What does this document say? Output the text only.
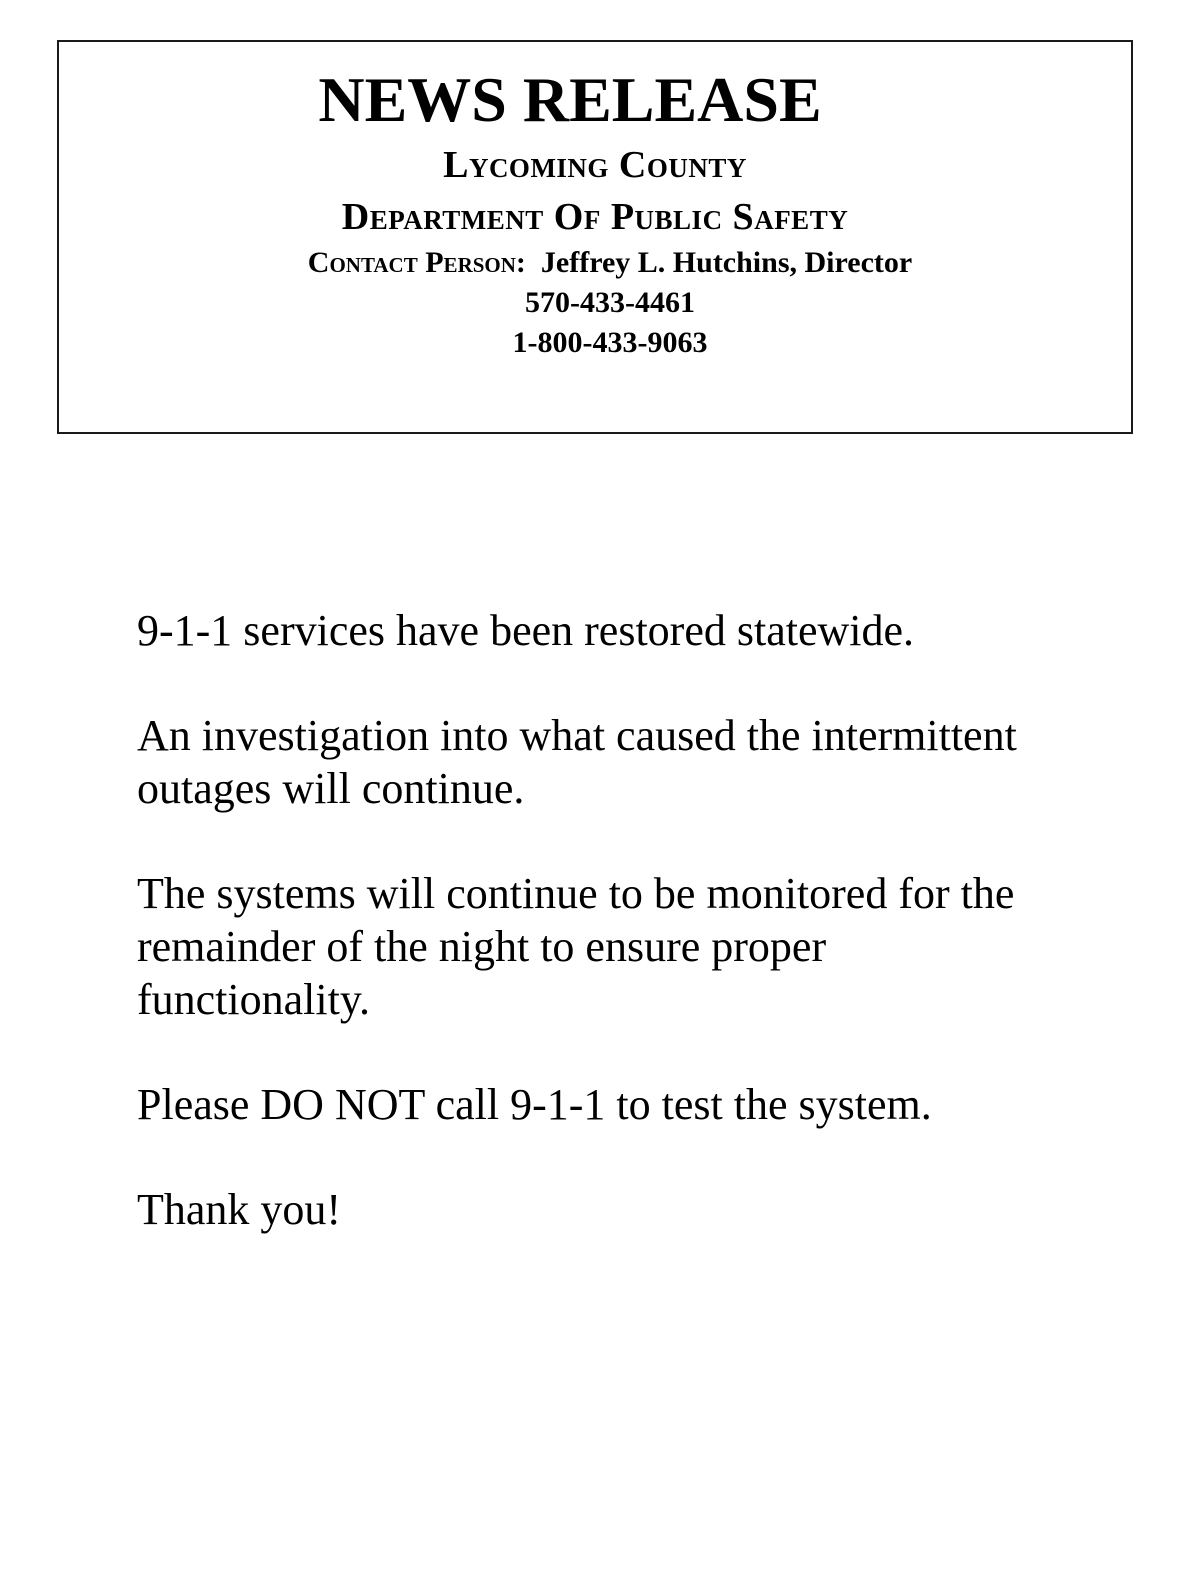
NEWS RELEASE
Lycoming County
Department Of Public Safety
Contact Person: Jeffrey L. Hutchins, Director
570-433-4461
1-800-433-9063

9-1-1 services have been restored statewide.

An investigation into what caused the intermittent outages will continue.

The systems will continue to be monitored for the remainder of the night to ensure proper functionality.

Please DO NOT call 9-1-1 to test the system.

Thank you!
